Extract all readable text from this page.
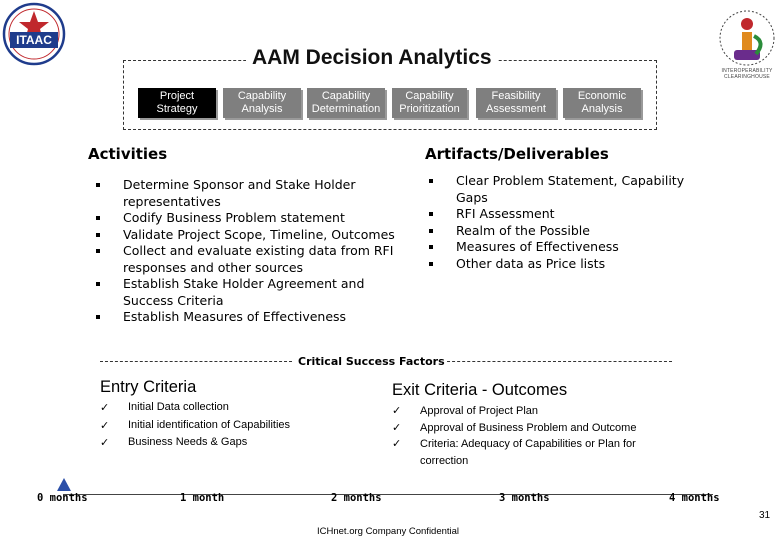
ITAAC
INTEROPERABILITY CLEARINGHOUSE
AAM Decision Analytics
Project Strategy
Capability Analysis
Capability Determination
Capability Prioritization
Feasibility Assessment
Economic Analysis
Activities
Determine Sponsor and Stake Holder representatives
Codify Business Problem statement
Validate Project Scope, Timeline, Outcomes
Collect and evaluate existing data from RFI responses and other sources
Establish Stake Holder Agreement and Success Criteria
Establish Measures of Effectiveness
Artifacts/Deliverables
Clear Problem Statement, Capability Gaps
RFI Assessment
Realm of the Possible
Measures of Effectiveness
Other data as Price lists
Critical Success Factors
Entry Criteria
✓ Initial Data collection
✓ Initial identification of Capabilities
✓ Business Needs & Gaps
Exit Criteria - Outcomes
✓ Approval of Project Plan
✓ Approval of Business Problem and Outcome
✓ Criteria: Adequacy of Capabilities or Plan for correction
0 months	1 month	2 months	3 months	4 months
31
ICHnet.org Company Confidential
